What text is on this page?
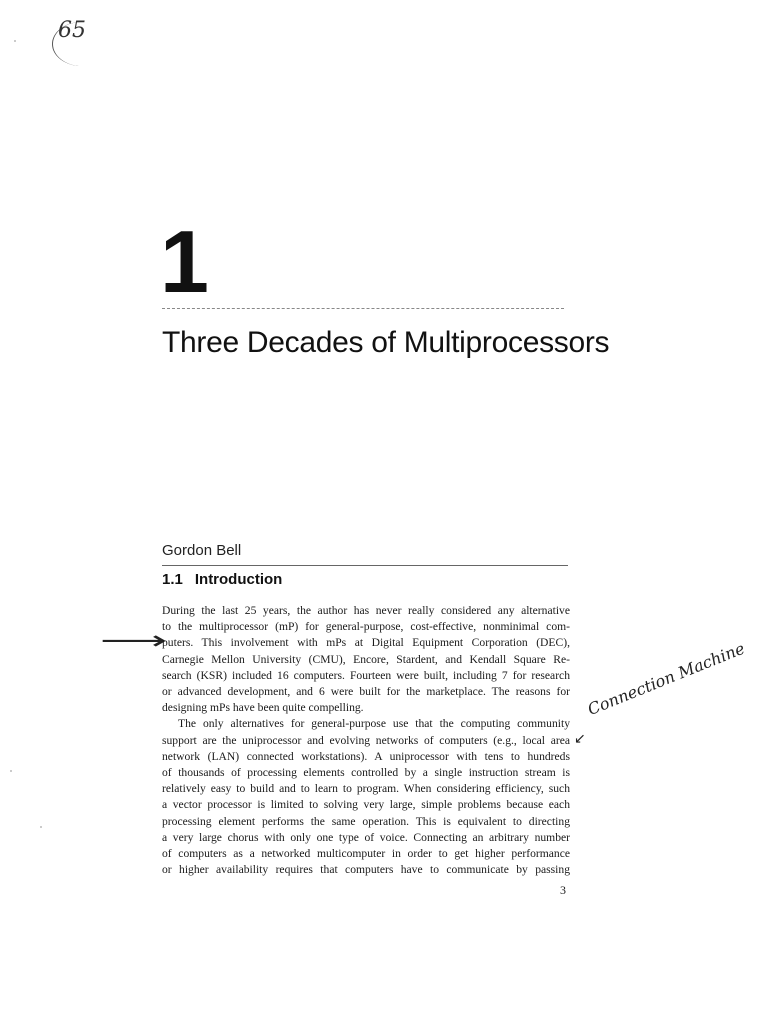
65
1
Three Decades of Multiprocessors
Gordon Bell
1.1 Introduction
⟶
During the last 25 years, the author has never really considered any alternative
to the multiprocessor (mP) for general-purpose, cost-effective, nonminimal com-
puters. This involvement with mPs at Digital Equipment Corporation (DEC),
Carnegie Mellon University (CMU), Encore, Stardent, and Kendall Square Re-
search (KSR) included 16 computers. Fourteen were built, including 7 for research
or advanced development, and 6 were built for the marketplace. The reasons for
designing mPs have been quite compelling.
The only alternatives for general-purpose use that the computing community
support are the uniprocessor and evolving networks of computers (e.g., local area
network (LAN) connected workstations). A uniprocessor with tens to hundreds
of thousands of processing elements controlled by a single instruction stream is
relatively easy to build and to learn to program. When considering efficiency, such
a vector processor is limited to solving very large, simple problems because each
processing element performs the same operation. This is equivalent to directing
a very large chorus with only one type of voice. Connecting an arbitrary number
of computers as a networked multicomputer in order to get higher performance
or higher availability requires that computers have to communicate by passing
Connection Machine
↙
3
